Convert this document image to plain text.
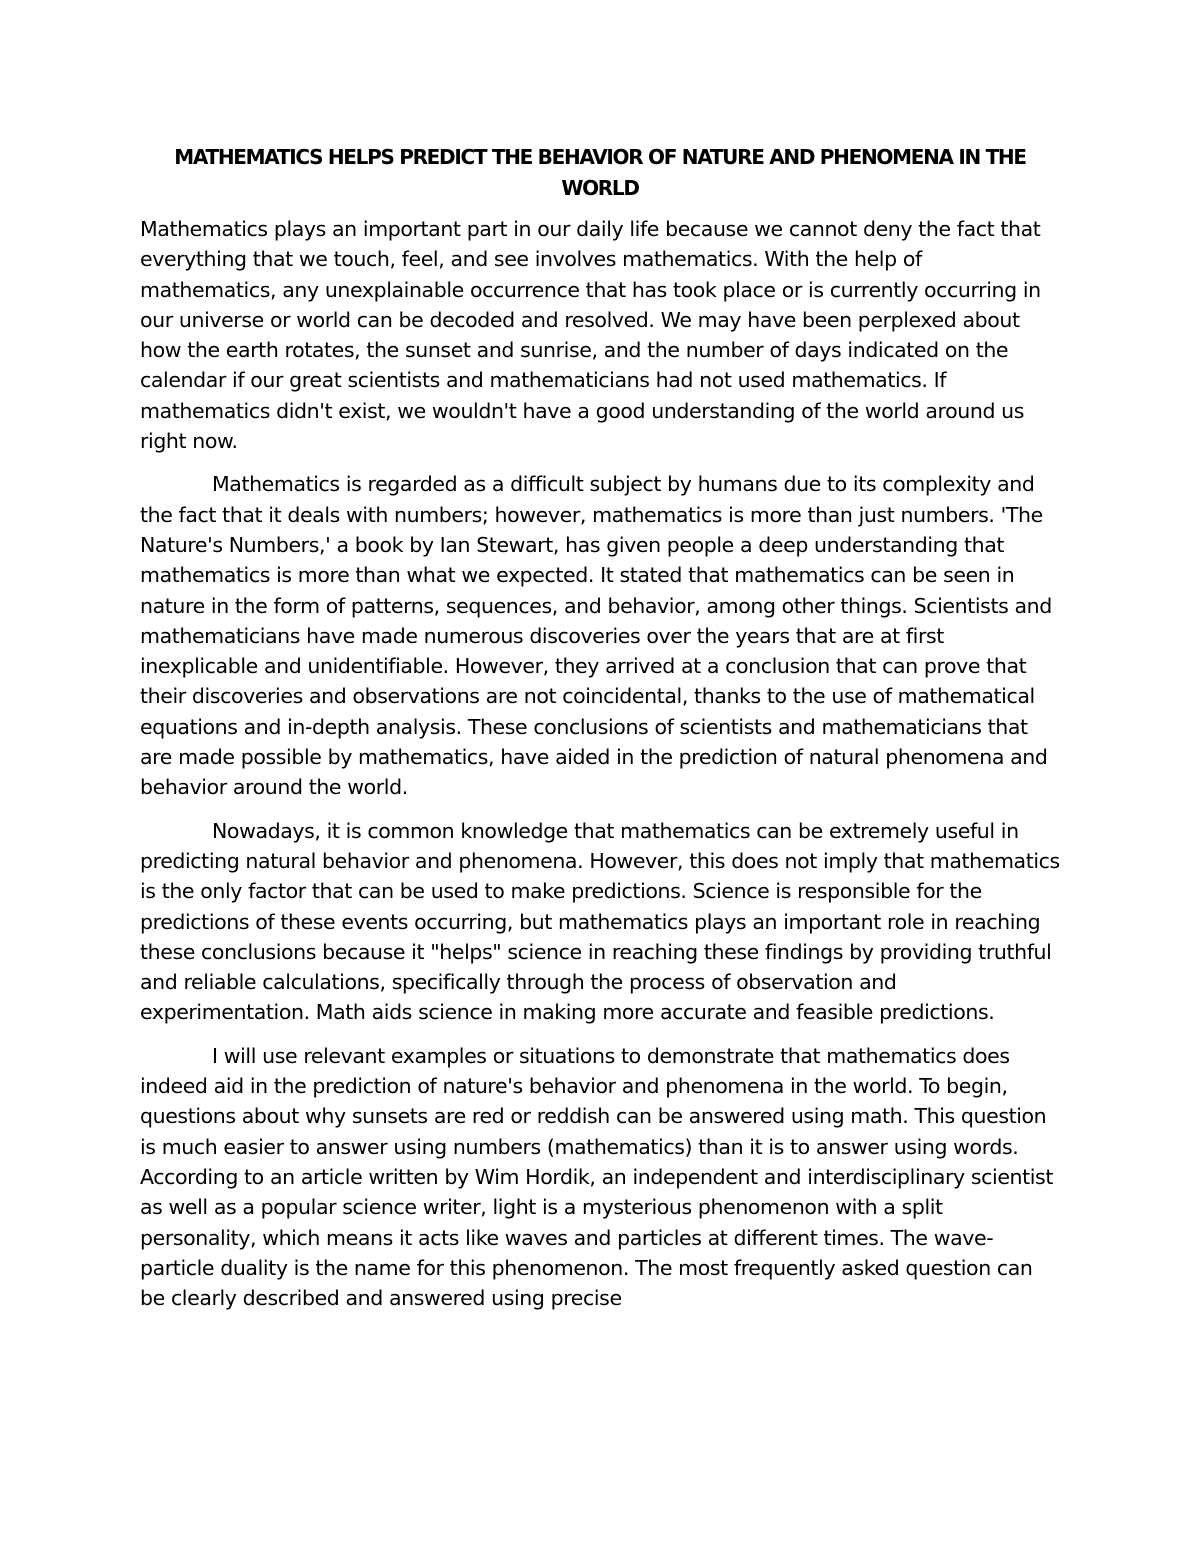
MATHEMATICS HELPS PREDICT THE BEHAVIOR OF NATURE AND PHENOMENA IN THE WORLD

Mathematics plays an important part in our daily life because we cannot deny the fact that everything that we touch, feel, and see involves mathematics. With the help of mathematics, any unexplainable occurrence that has took place or is currently occurring in our universe or world can be decoded and resolved. We may have been perplexed about how the earth rotates, the sunset and sunrise, and the number of days indicated on the calendar if our great scientists and mathematicians had not used mathematics. If mathematics didn't exist, we wouldn't have a good understanding of the world around us right now.

Mathematics is regarded as a difficult subject by humans due to its complexity and the fact that it deals with numbers; however, mathematics is more than just numbers. 'The Nature's Numbers,' a book by Ian Stewart, has given people a deep understanding that mathematics is more than what we expected. It stated that mathematics can be seen in nature in the form of patterns, sequences, and behavior, among other things. Scientists and mathematicians have made numerous discoveries over the years that are at first inexplicable and unidentifiable. However, they arrived at a conclusion that can prove that their discoveries and observations are not coincidental, thanks to the use of mathematical equations and in-depth analysis. These conclusions of scientists and mathematicians that are made possible by mathematics, have aided in the prediction of natural phenomena and behavior around the world.

Nowadays, it is common knowledge that mathematics can be extremely useful in predicting natural behavior and phenomena. However, this does not imply that mathematics is the only factor that can be used to make predictions. Science is responsible for the predictions of these events occurring, but mathematics plays an important role in reaching these conclusions because it "helps" science in reaching these findings by providing truthful and reliable calculations, specifically through the process of observation and experimentation. Math aids science in making more accurate and feasible predictions.

I will use relevant examples or situations to demonstrate that mathematics does indeed aid in the prediction of nature's behavior and phenomena in the world. To begin, questions about why sunsets are red or reddish can be answered using math. This question is much easier to answer using numbers (mathematics) than it is to answer using words. According to an article written by Wim Hordik, an independent and interdisciplinary scientist as well as a popular science writer, light is a mysterious phenomenon with a split personality, which means it acts like waves and particles at different times. The wave-particle duality is the name for this phenomenon. The most frequently asked question can be clearly described and answered using precise
